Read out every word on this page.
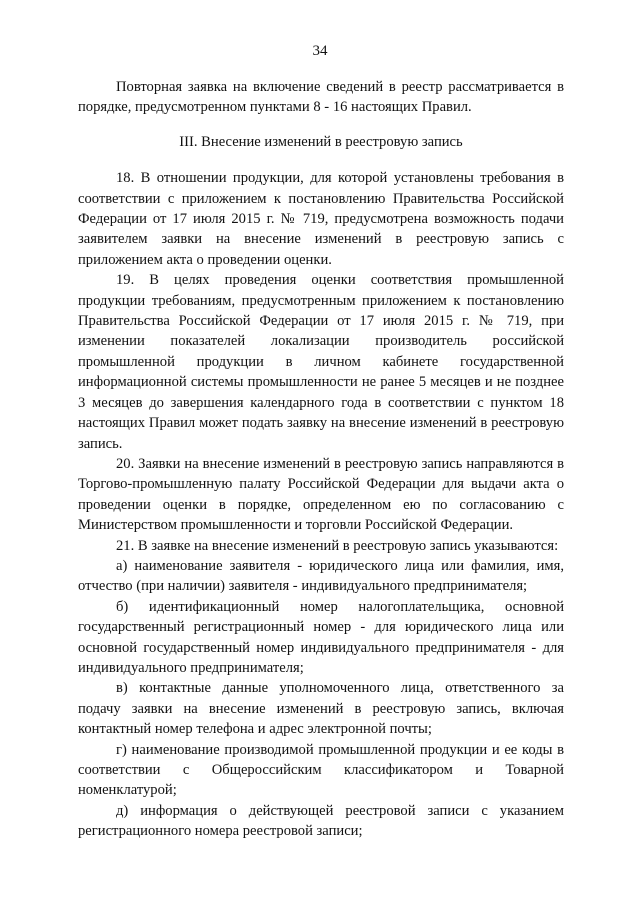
34

Повторная заявка на включение сведений в реестр рассматривается в порядке, предусмотренном пунктами 8 - 16 настоящих Правил.

III. Внесение изменений в реестровую запись

18. В отношении продукции, для которой установлены требования в соответствии с приложением к постановлению Правительства Российской Федерации от 17 июля 2015 г. № 719, предусмотрена возможность подачи заявителем заявки на внесение изменений в реестровую запись с приложением акта о проведении оценки.

19. В целях проведения оценки соответствия промышленной продукции требованиям, предусмотренным приложением к постановлению Правительства Российской Федерации от 17 июля 2015 г. № 719, при изменении показателей локализации производитель российской промышленной продукции в личном кабинете государственной информационной системы промышленности не ранее 5 месяцев и не позднее 3 месяцев до завершения календарного года в соответствии с пунктом 18 настоящих Правил может подать заявку на внесение изменений в реестровую запись.

20. Заявки на внесение изменений в реестровую запись направляются в Торгово-промышленную палату Российской Федерации для выдачи акта о проведении оценки в порядке, определенном ею по согласованию с Министерством промышленности и торговли Российской Федерации.

21. В заявке на внесение изменений в реестровую запись указываются:

а) наименование заявителя - юридического лица или фамилия, имя, отчество (при наличии) заявителя - индивидуального предпринимателя;

б) идентификационный номер налогоплательщика, основной государственный регистрационный номер - для юридического лица или основной государственный номер индивидуального предпринимателя - для индивидуального предпринимателя;

в) контактные данные уполномоченного лица, ответственного за подачу заявки на внесение изменений в реестровую запись, включая контактный номер телефона и адрес электронной почты;

г) наименование производимой промышленной продукции и ее коды в соответствии с Общероссийским классификатором и Товарной номенклатурой;

д) информация о действующей реестровой записи с указанием регистрационного номера реестровой записи;
